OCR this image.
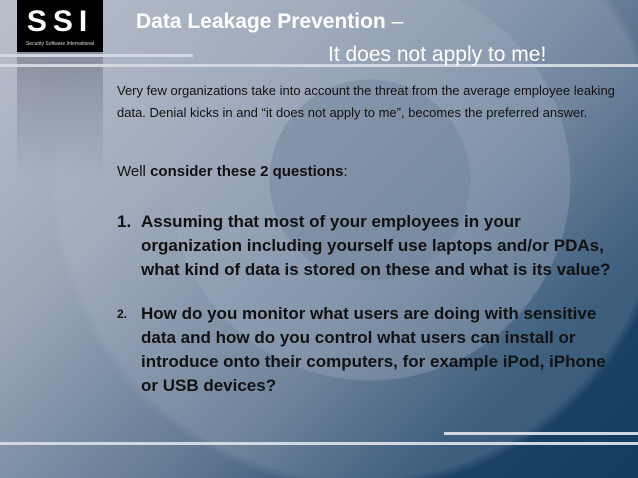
SSI
Security Software International
Data Leakage Prevention –
It does not apply to me!
Very few organizations take into account the threat from the average employee leaking data. Denial kicks in and “it does not apply to me”, becomes the preferred answer.
Well consider these 2 questions:
1. Assuming that most of your employees in your organization including yourself use laptops and/or PDAs, what kind of data is stored on these and what is its value?
2. How do you monitor what users are doing with sensitive data and how do you control what users can install or introduce onto their computers, for example iPod, iPhone or USB devices?
